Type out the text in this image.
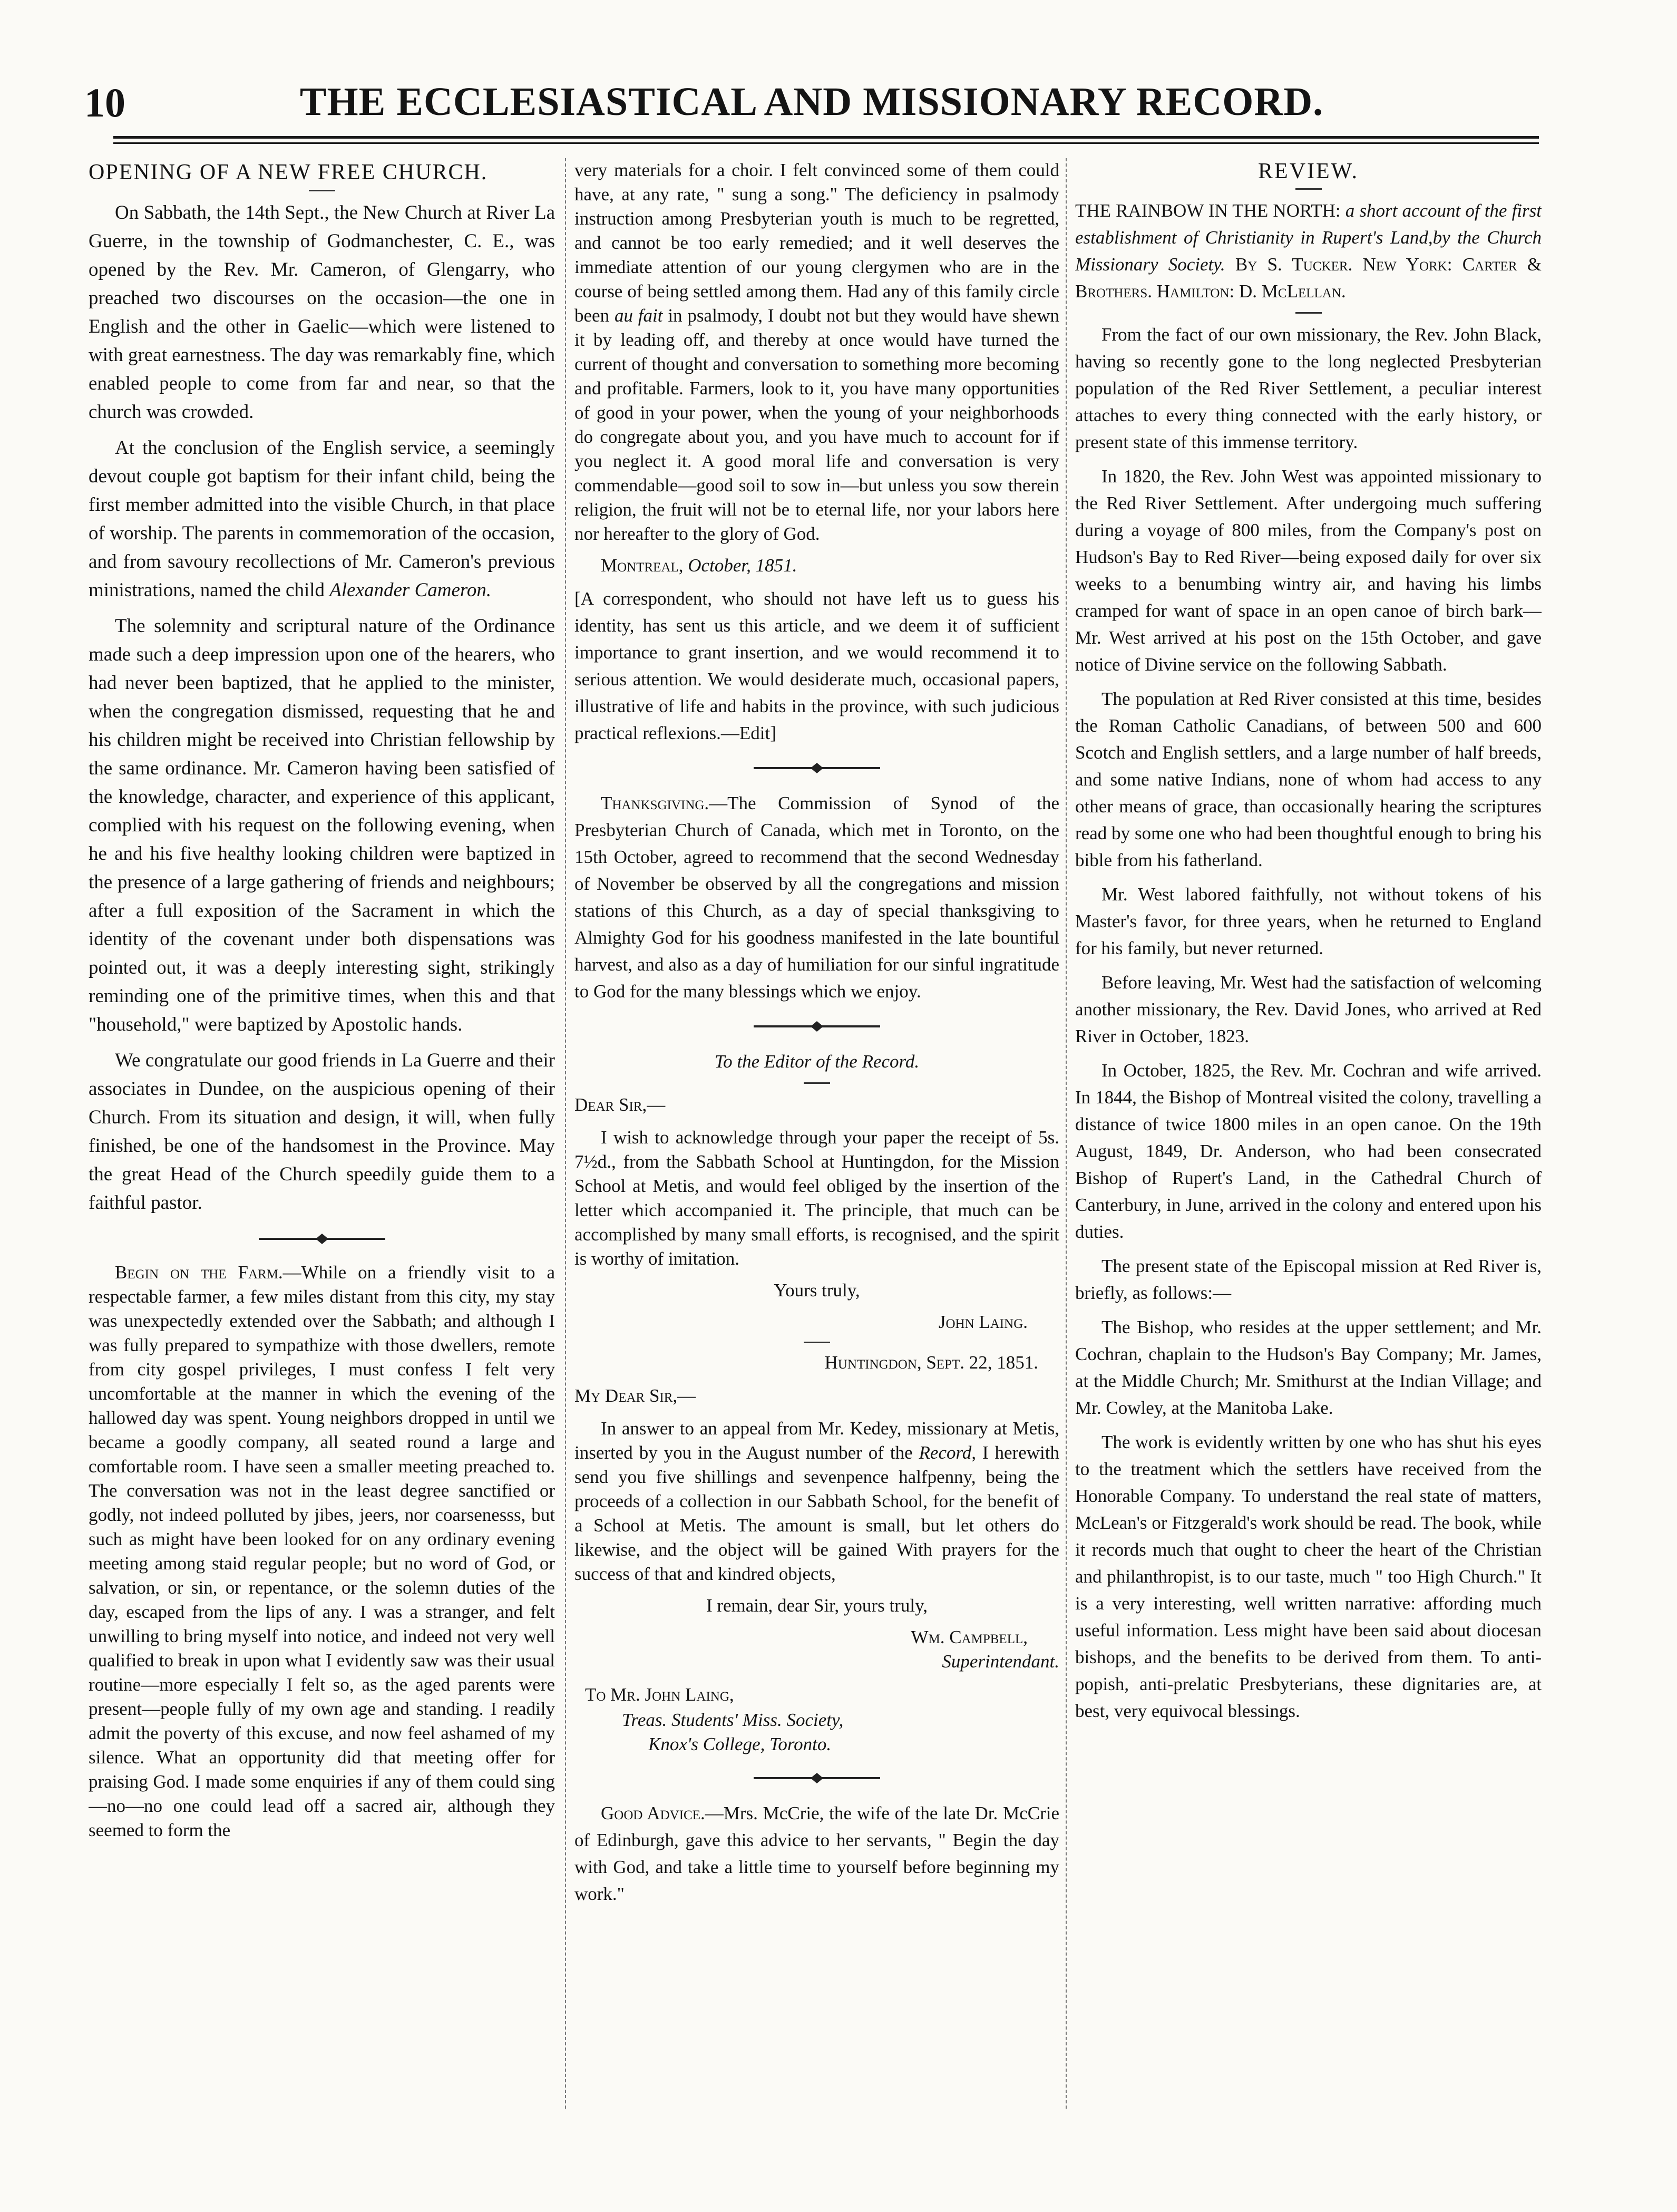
10	THE ECCLESIASTICAL AND MISSIONARY RECORD.
OPENING OF A NEW FREE CHURCH.

On Sabbath, the 14th Sept., the New Church at River La Guerre, in the township of Godmanchester, C. E., was opened by the Rev. Mr. Cameron, of Glengarry, who preached two discourses on the occasion—the one in English and the other in Gaelic—which were listened to with great earnestness. The day was remarkably fine, which enabled people to come from far and near, so that the church was crowded.

At the conclusion of the English service, a seemingly devout couple got baptism for their infant child, being the first member admitted into the visible Church, in that place of worship. The parents in commemoration of the occasion, and from savoury recollections of Mr. Cameron's previous ministrations, named the child Alexander Cameron.

The solemnity and scriptural nature of the Ordinance made such a deep impression upon one of the hearers, who had never been baptized, that he applied to the minister, when the congregation dismissed, requesting that he and his children might be received into Christian fellowship by the same ordinance. Mr. Cameron having been satisfied of the knowledge, character, and experience of this applicant, complied with his request on the following evening, when he and his five healthy looking children were baptized in the presence of a large gathering of friends and neighbours; after a full exposition of the Sacrament in which the identity of the covenant under both dispensations was pointed out, it was a deeply interesting sight, strikingly reminding one of the primitive times, when this and that "household," were baptized by Apostolic hands.

We congratulate our good friends in La Guerre and their associates in Dundee, on the auspicious opening of their Church. From its situation and design, it will, when fully finished, be one of the handsomest in the Province. May the great Head of the Church speedily guide them to a faithful pastor.

Begin on the Farm.—While on a friendly visit to a respectable farmer, a few miles distant from this city, my stay was unexpectedly extended over the Sabbath; and although I was fully prepared to sympathize with those dwellers, remote from city gospel privileges, I must confess I felt very uncomfortable at the manner in which the evening of the hallowed day was spent. Young neighbors dropped in until we became a goodly company, all seated round a large and comfortable room. I have seen a smaller meeting preached to. The conversation was not in the least degree sanctified or godly, not indeed polluted by jibes, jeers, nor coarsenesss, but such as might have been looked for on any ordinary evening meeting among staid regular people; but no word of God, or salvation, or sin, or repentance, or the solemn duties of the day, escaped from the lips of any. I was a stranger, and felt unwilling to bring myself into notice, and indeed not very well qualified to break in upon what I evidently saw was their usual routine—more especially I felt so, as the aged parents were present—people fully of my own age and standing. I readily admit the poverty of this excuse, and now feel ashamed of my silence. What an opportunity did that meeting offer for praising God. I made some enquiries if any of them could sing—no—no one could lead off a sacred air, although they seemed to form the

very materials for a choir. I felt convinced some of them could have, at any rate, " sung a song." The deficiency in psalmody instruction among Presbyterian youth is much to be regretted, and cannot be too early remedied; and it well deserves the immediate attention of our young clergymen who are in the course of being settled among them. Had any of this family circle been au fait in psalmody, I doubt not but they would have shewn it by leading off, and thereby at once would have turned the current of thought and conversation to something more becoming and profitable. Farmers, look to it, you have many opportunities of good in your power, when the young of your neighborhoods do congregate about you, and you have much to account for if you neglect it. A good moral life and conversation is very commendable—good soil to sow in—but unless you sow therein religion, the fruit will not be to eternal life, nor your labors here nor hereafter to the glory of God.

Montreal, October, 1851.

[A correspondent, who should not have left us to guess his identity, has sent us this article, and we deem it of sufficient importance to grant insertion, and we would recommend it to serious attention. We would desiderate much, occasional papers, illustrative of life and habits in the province, with such judicious practical reflexions.—Edit]

Thanksgiving.—The Commission of Synod of the Presbyterian Church of Canada, which met in Toronto, on the 15th October, agreed to recommend that the second Wednesday of November be observed by all the congregations and mission stations of this Church, as a day of special thanksgiving to Almighty God for his goodness manifested in the late bountiful harvest, and also as a day of humiliation for our sinful ingratitude to God for the many blessings which we enjoy.

To the Editor of the Record.

Dear Sir,—

I wish to acknowledge through your paper the receipt of 5s. 7½d., from the Sabbath School at Huntingdon, for the Mission School at Metis, and would feel obliged by the insertion of the letter which accompanied it. The principle, that much can be accomplished by many small efforts, is recognised, and the spirit is worthy of imitation.

Yours truly,

John Laing.

Huntingdon, Sept. 22, 1851.

My Dear Sir,—

In answer to an appeal from Mr. Kedey, missionary at Metis, inserted by you in the August number of the Record, I herewith send you five shillings and sevenpence halfpenny, being the proceeds of a collection in our Sabbath School, for the benefit of a School at Metis. The amount is small, but let others do likewise, and the object will be gained With prayers for the success of that and kindred objects,

I remain, dear Sir, yours truly,

Wm. Campbell,

Superintendant.

To Mr. John Laing,

Treas. Students' Miss. Society,

Knox's College, Toronto.

Good Advice.—Mrs. McCrie, the wife of the late Dr. McCrie of Edinburgh, gave this advice to her servants, " Begin the day with God, and take a little time to yourself before beginning my work."

REVIEW.

THE RAINBOW IN THE NORTH: a short account of the first establishment of Christianity in Rupert's Land,by the Church Missionary Society. By S. Tucker. New York: Carter & Brothers. Hamilton: D. McLellan.

From the fact of our own missionary, the Rev. John Black, having so recently gone to the long neglected Presbyterian population of the Red River Settlement, a peculiar interest attaches to every thing connected with the early history, or present state of this immense territory.

In 1820, the Rev. John West was appointed missionary to the Red River Settlement. After undergoing much suffering during a voyage of 800 miles, from the Company's post on Hudson's Bay to Red River—being exposed daily for over six weeks to a benumbing wintry air, and having his limbs cramped for want of space in an open canoe of birch bark—Mr. West arrived at his post on the 15th October, and gave notice of Divine service on the following Sabbath.

The population at Red River consisted at this time, besides the Roman Catholic Canadians, of between 500 and 600 Scotch and English settlers, and a large number of half breeds, and some native Indians, none of whom had access to any other means of grace, than occasionally hearing the scriptures read by some one who had been thoughtful enough to bring his bible from his fatherland.

Mr. West labored faithfully, not without tokens of his Master's favor, for three years, when he returned to England for his family, but never returned.

Before leaving, Mr. West had the satisfaction of welcoming another missionary, the Rev. David Jones, who arrived at Red River in October, 1823.

In October, 1825, the Rev. Mr. Cochran and wife arrived. In 1844, the Bishop of Montreal visited the colony, travelling a distance of twice 1800 miles in an open canoe. On the 19th August, 1849, Dr. Anderson, who had been consecrated Bishop of Rupert's Land, in the Cathedral Church of Canterbury, in June, arrived in the colony and entered upon his duties.

The present state of the Episcopal mission at Red River is, briefly, as follows:—

The Bishop, who resides at the upper settlement; and Mr. Cochran, chaplain to the Hudson's Bay Company; Mr. James, at the Middle Church; Mr. Smithurst at the Indian Village; and Mr. Cowley, at the Manitoba Lake.

The work is evidently written by one who has shut his eyes to the treatment which the settlers have received from the Honorable Company. To understand the real state of matters, McLean's or Fitzgerald's work should be read. The book, while it records much that ought to cheer the heart of the Christian and philanthropist, is to our taste, much " too High Church." It is a very interesting, well written narrative: affording much useful information. Less might have been said about diocesan bishops, and the benefits to be derived from them. To anti-popish, anti-prelatic Presbyterians, these dignitaries are, at best, very equivocal blessings.
